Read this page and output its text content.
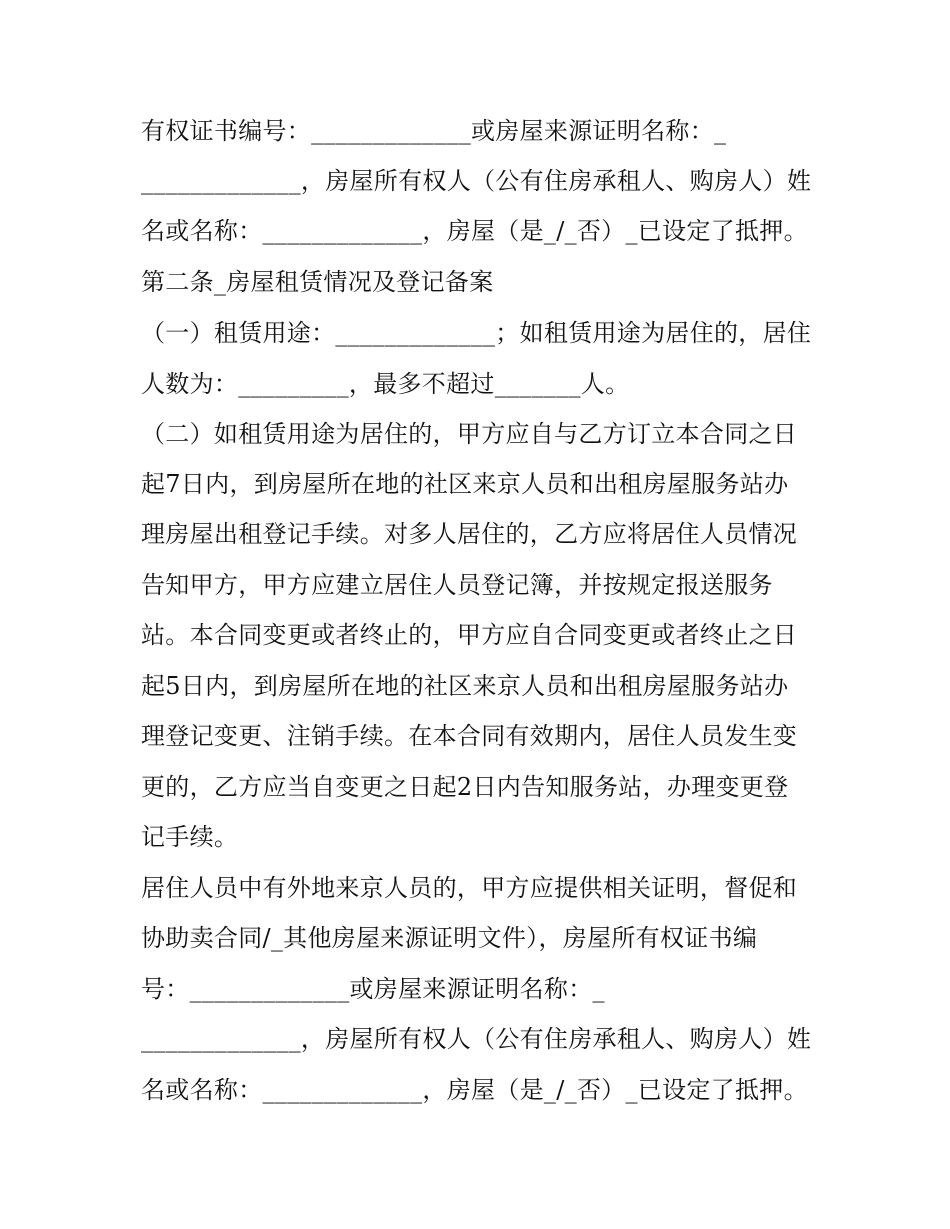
有权证书编号：_____________或房屋来源证明名称：_
_____________，房屋所有权人（公有住房承租人、购房人）姓
名或名称：_____________，房屋（是_/_否）_已设定了抵押。
第二条_房屋租赁情况及登记备案
（一）租赁用途：_____________；如租赁用途为居住的，居住
人数为：_________，最多不超过_______人。
（二）如租赁用途为居住的，甲方应自与乙方订立本合同之日
起7日内，到房屋所在地的社区来京人员和出租房屋服务站办
理房屋出租登记手续。对多人居住的，乙方应将居住人员情况
告知甲方，甲方应建立居住人员登记簿，并按规定报送服务
站。本合同变更或者终止的，甲方应自合同变更或者终止之日
起5日内，到房屋所在地的社区来京人员和出租房屋服务站办
理登记变更、注销手续。在本合同有效期内，居住人员发生变
更的，乙方应当自变更之日起2日内告知服务站，办理变更登
记手续。
居住人员中有外地来京人员的，甲方应提供相关证明，督促和
协助卖合同/_其他房屋来源证明文件），房屋所有权证书编
号：_____________或房屋来源证明名称：_
_____________，房屋所有权人（公有住房承租人、购房人）姓
名或名称：_____________，房屋（是_/_否）_已设定了抵押。
